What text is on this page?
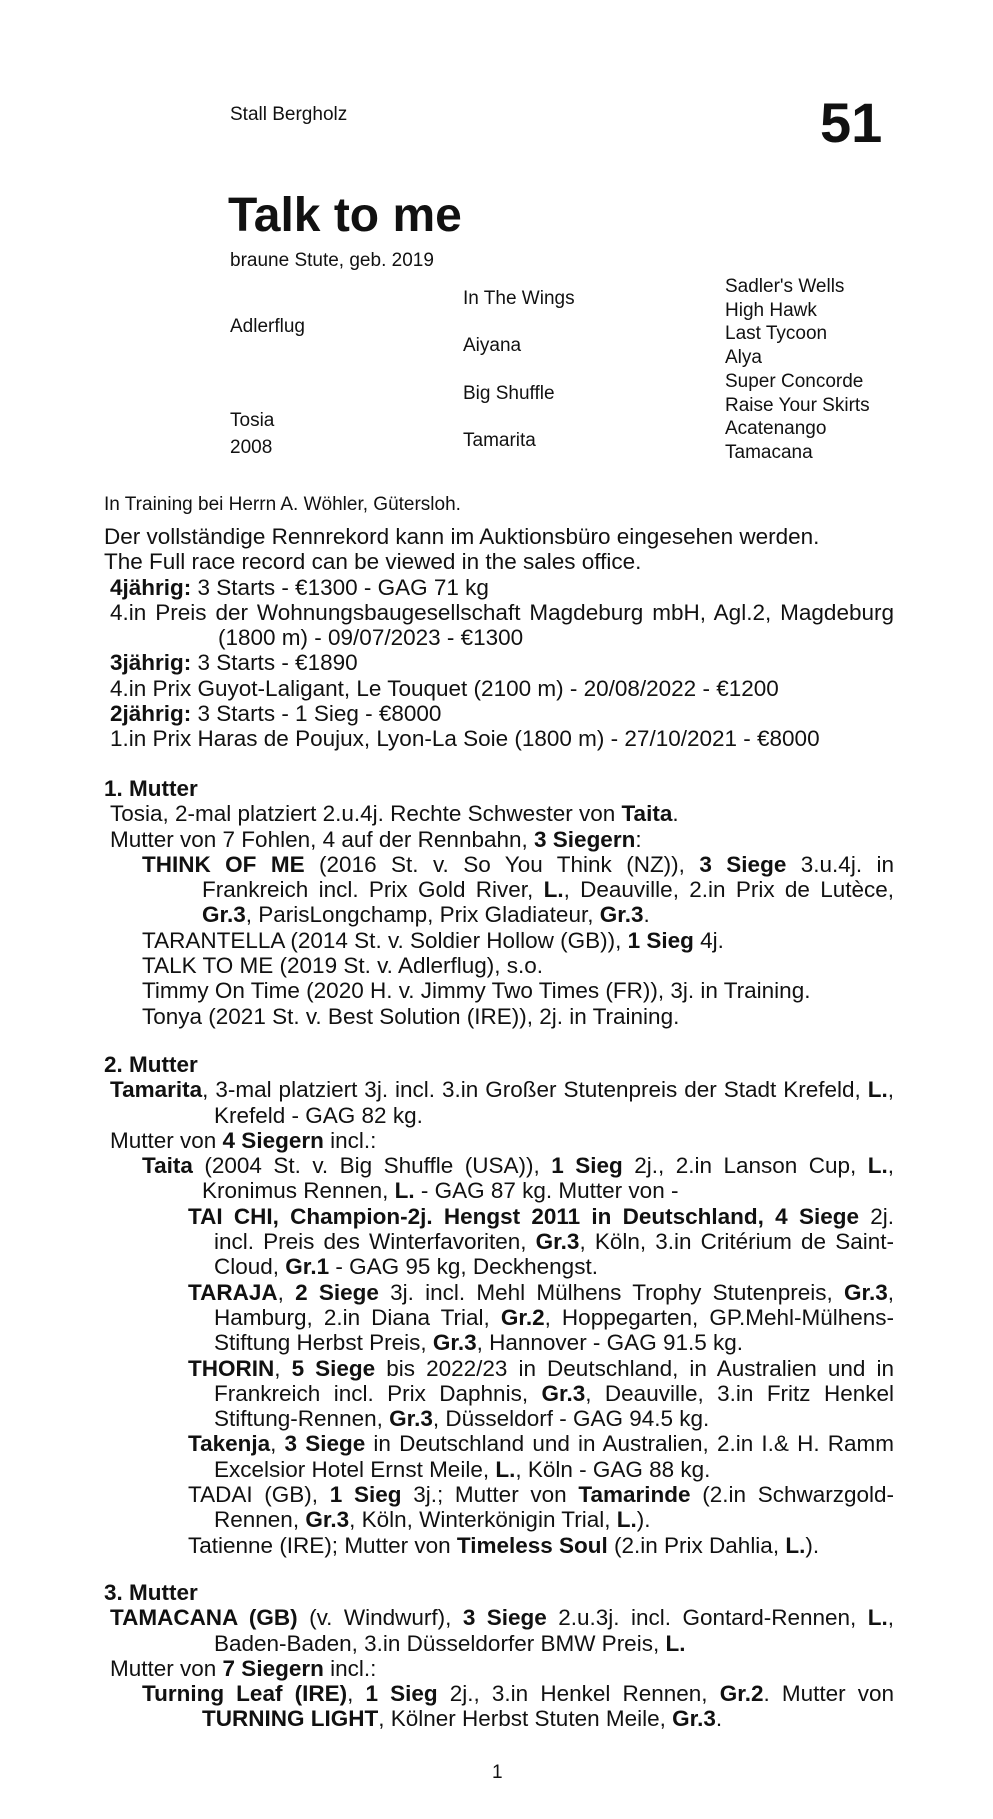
Stall Bergholz	51
Talk to me
braune Stute, geb. 2019
Adlerflug
Tosia
2008
In The Wings
Aiyana
Big Shuffle
Tamarita
Sadler's Wells
High Hawk
Last Tycoon
Alya
Super Concorde
Raise Your Skirts
Acatenango
Tamacana
In Training bei Herrn A. Wöhler, Gütersloh.
Der vollständige Rennrekord kann im Auktionsbüro eingesehen werden.
The Full race record can be viewed in the sales office.
4jährig: 3 Starts - €1300 - GAG 71 kg
4.in Preis der Wohnungsbaugesellschaft Magdeburg mbH, Agl.2, Magdeburg (1800 m) - 09/07/2023 - €1300
3jährig: 3 Starts - €1890
4.in Prix Guyot-Laligant, Le Touquet (2100 m) - 20/08/2022 - €1200
2jährig: 3 Starts - 1 Sieg - €8000
1.in Prix Haras de Poujux, Lyon-La Soie (1800 m) - 27/10/2021 - €8000
1. Mutter
Tosia, 2-mal platziert 2.u.4j. Rechte Schwester von Taita.
Mutter von 7 Fohlen, 4 auf der Rennbahn, 3 Siegern:
THINK OF ME (2016 St. v. So You Think (NZ)), 3 Siege 3.u.4j. in Frankreich incl. Prix Gold River, L., Deauville, 2.in Prix de Lutèce, Gr.3, ParisLongchamp, Prix Gladiateur, Gr.3.
TARANTELLA (2014 St. v. Soldier Hollow (GB)), 1 Sieg 4j.
TALK TO ME (2019 St. v. Adlerflug), s.o.
Timmy On Time (2020 H. v. Jimmy Two Times (FR)), 3j. in Training.
Tonya (2021 St. v. Best Solution (IRE)), 2j. in Training.
2. Mutter
Tamarita, 3-mal platziert 3j. incl. 3.in Großer Stutenpreis der Stadt Krefeld, L., Krefeld - GAG 82 kg.
Mutter von 4 Siegern incl.:
Taita (2004 St. v. Big Shuffle (USA)), 1 Sieg 2j., 2.in Lanson Cup, L., Kronimus Rennen, L. - GAG 87 kg. Mutter von -
TAI CHI, Champion-2j. Hengst 2011 in Deutschland, 4 Siege 2j. incl. Preis des Winterfavoriten, Gr.3, Köln, 3.in Critérium de Saint-Cloud, Gr.1 - GAG 95 kg, Deckhengst.
TARAJA, 2 Siege 3j. incl. Mehl Mülhens Trophy Stutenpreis, Gr.3, Hamburg, 2.in Diana Trial, Gr.2, Hoppegarten, GP.Mehl-Mülhens-Stiftung Herbst Preis, Gr.3, Hannover - GAG 91.5 kg.
THORIN, 5 Siege bis 2022/23 in Deutschland, in Australien und in Frankreich incl. Prix Daphnis, Gr.3, Deauville, 3.in Fritz Henkel Stiftung-Rennen, Gr.3, Düsseldorf - GAG 94.5 kg.
Takenja, 3 Siege in Deutschland und in Australien, 2.in I.& H. Ramm Excelsior Hotel Ernst Meile, L., Köln - GAG 88 kg.
TADAI (GB), 1 Sieg 3j.; Mutter von Tamarinde (2.in Schwarzgold-Rennen, Gr.3, Köln, Winterkönigin Trial, L.).
Tatienne (IRE); Mutter von Timeless Soul (2.in Prix Dahlia, L.).
3. Mutter
TAMACANA (GB) (v. Windwurf), 3 Siege 2.u.3j. incl. Gontard-Rennen, L., Baden-Baden, 3.in Düsseldorfer BMW Preis, L.
Mutter von 7 Siegern incl.:
Turning Leaf (IRE), 1 Sieg 2j., 3.in Henkel Rennen, Gr.2. Mutter von TURNING LIGHT, Kölner Herbst Stuten Meile, Gr.3.
1
